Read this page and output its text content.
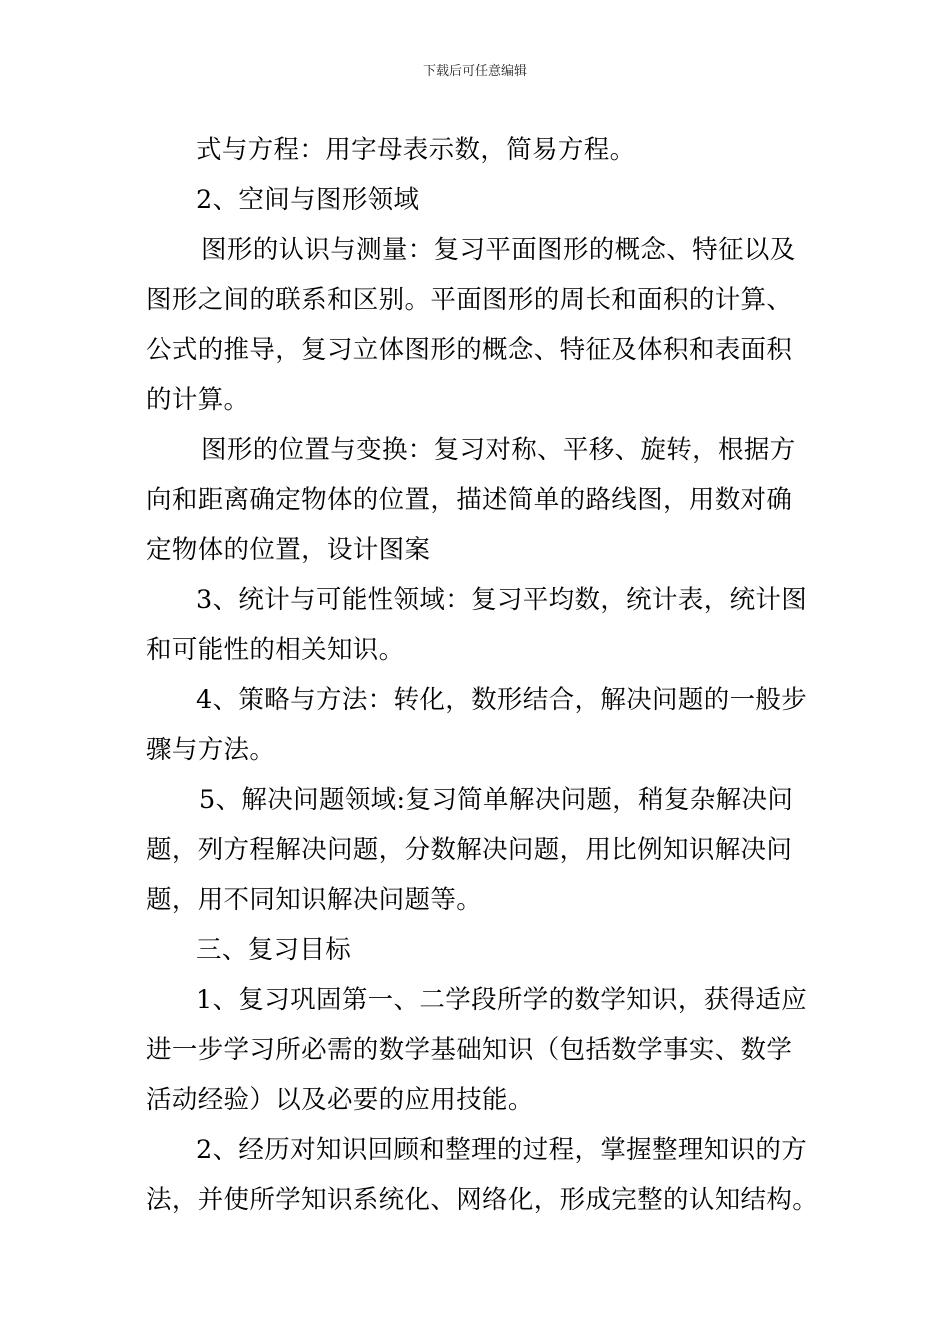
下载后可任意编辑
式与方程：用字母表示数，简易方程。
2、空间与图形领域
图形的认识与测量：复习平面图形的概念、特征以及
图形之间的联系和区别。平面图形的周长和面积的计算、
公式的推导，复习立体图形的概念、特征及体积和表面积
的计算。
图形的位置与变换：复习对称、平移、旋转，根据方
向和距离确定物体的位置，描述简单的路线图，用数对确
定物体的位置，设计图案
3、统计与可能性领域：复习平均数，统计表，统计图
和可能性的相关知识。
4、策略与方法：转化，数形结合，解决问题的一般步
骤与方法。
5、解决问题领域:复习简单解决问题，稍复杂解决问
题，列方程解决问题，分数解决问题，用比例知识解决问
题，用不同知识解决问题等。
三、复习目标
1、复习巩固第一、二学段所学的数学知识，获得适应
进一步学习所必需的数学基础知识（包括数学事实、数学
活动经验）以及必要的应用技能。
2、经历对知识回顾和整理的过程，掌握整理知识的方
法，并使所学知识系统化、网络化，形成完整的认知结构。
